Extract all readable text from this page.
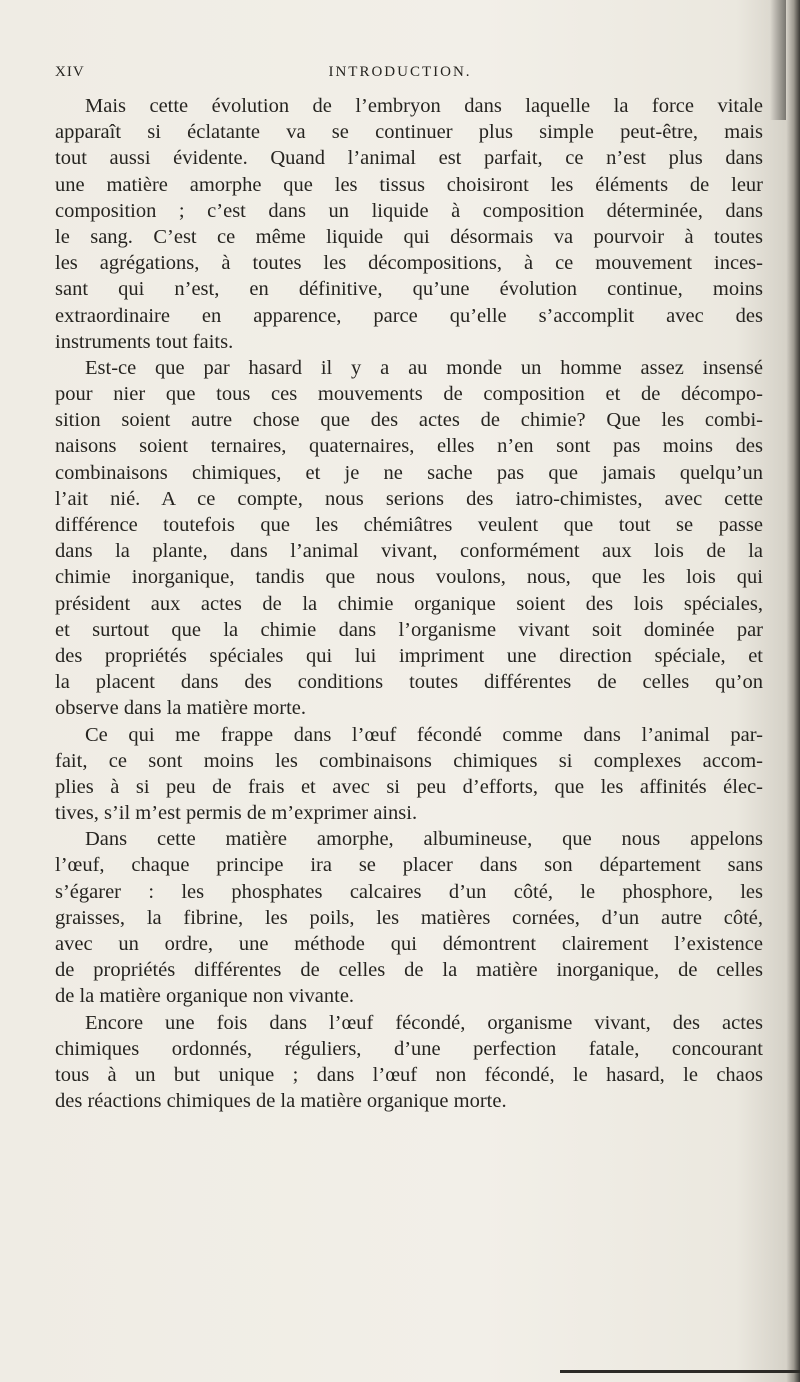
XIV	INTRODUCTION.
Mais cette évolution de l’embryon dans laquelle la force vitale
apparaît si éclatante va se continuer plus simple peut-être, mais
tout aussi évidente. Quand l’animal est parfait, ce n’est plus dans
une matière amorphe que les tissus choisiront les éléments de leur
composition ; c’est dans un liquide à composition déterminée, dans
le sang. C’est ce même liquide qui désormais va pourvoir à toutes
les agrégations, à toutes les décompositions, à ce mouvement inces-
sant qui n’est, en définitive, qu’une évolution continue, moins
extraordinaire en apparence, parce qu’elle s’accomplit avec des
instruments tout faits.
Est-ce que par hasard il y a au monde un homme assez insensé
pour nier que tous ces mouvements de composition et de décompo-
sition soient autre chose que des actes de chimie? Que les combi-
naisons soient ternaires, quaternaires, elles n’en sont pas moins des
combinaisons chimiques, et je ne sache pas que jamais quelqu’un
l’ait nié. A ce compte, nous serions des iatro-chimistes, avec cette
différence toutefois que les chémiâtres veulent que tout se passe
dans la plante, dans l’animal vivant, conformément aux lois de la
chimie inorganique, tandis que nous voulons, nous, que les lois qui
président aux actes de la chimie organique soient des lois spéciales,
et surtout que la chimie dans l’organisme vivant soit dominée par
des propriétés spéciales qui lui impriment une direction spéciale, et
la placent dans des conditions toutes différentes de celles qu’on
observe dans la matière morte.
Ce qui me frappe dans l’œuf fécondé comme dans l’animal par-
fait, ce sont moins les combinaisons chimiques si complexes accom-
plies à si peu de frais et avec si peu d’efforts, que les affinités élec-
tives, s’il m’est permis de m’exprimer ainsi.
Dans cette matière amorphe, albumineuse, que nous appelons
l’œuf, chaque principe ira se placer dans son département sans
s’égarer : les phosphates calcaires d’un côté, le phosphore, les
graisses, la fibrine, les poils, les matières cornées, d’un autre côté,
avec un ordre, une méthode qui démontrent clairement l’existence
de propriétés différentes de celles de la matière inorganique, de celles
de la matière organique non vivante.
Encore une fois dans l’œuf fécondé, organisme vivant, des actes
chimiques ordonnés, réguliers, d’une perfection fatale, concourant
tous à un but unique ; dans l’œuf non fécondé, le hasard, le chaos
des réactions chimiques de la matière organique morte.
